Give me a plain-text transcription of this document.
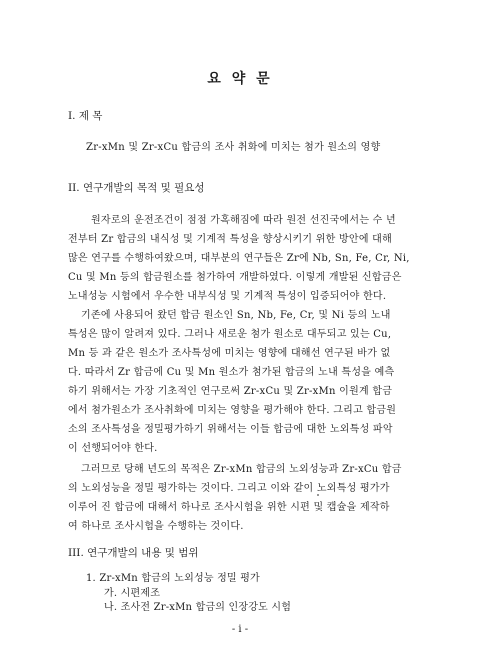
요 약 문
I. 제 목
Zr-xMn 및 Zr-xCu 합금의 조사 취화에 미치는 첨가 원소의 영향
II. 연구개발의 목적 및 필요성
원자로의 운전조건이 점점 가혹해짐에 따라 원전 선진국에서는 수 년
전부터 Zr 합금의 내식성 및 기계적 특성을 향상시키기 위한 방안에 대해
많은 연구를 수행하여왔으며, 대부분의 연구들은 Zr에 Nb, Sn, Fe, Cr, Ni,
Cu 및 Mn 등의 합금원소를 첨가하여 개발하였다. 이렇게 개발된 신합금은
노내성능 시험에서 우수한 내부식성 및 기계적 특성이 입증되어야 한다.
기존에 사용되어 왔던 합금 원소인 Sn, Nb, Fe, Cr, 및 Ni 등의 노내
특성은 많이 알려져 있다. 그러나 새로운 첨가 원소로 대두되고 있는 Cu,
Mn 등 과 같은 원소가 조사특성에 미치는 영향에 대해선 연구된 바가 없
다. 따라서 Zr 합금에 Cu 및 Mn 원소가 첨가된 합금의 노내 특성을 예측
하기 위해서는 가장 기초적인 연구로써 Zr-xCu 및 Zr-xMn 이원계 합금
에서 첨가원소가 조사취화에 미치는 영향을 평가해야 한다. 그리고 합금원
소의 조사특성을 정밀평가하기 위해서는 이들 합금에 대한 노외특성 파악
이 선행되어야 한다.
그러므로 당해 년도의 목적은 Zr-xMn 합금의 노외성능과 Zr-xCu 합금
의 노외성능을 정밀 평가하는 것이다. 그리고 이와 같이 노외특성 평가가
이루어 진 합금에 대해서 하나로 조사시험을 위한 시편 및 캡슐을 제작하
여 하나로 조사시험을 수행하는 것이다.
III. 연구개발의 내용 및 범위
1. Zr-xMn 합금의 노외성능 정밀 평가
가. 시편제조
나. 조사전 Zr-xMn 합금의 인장강도 시험
- i -
